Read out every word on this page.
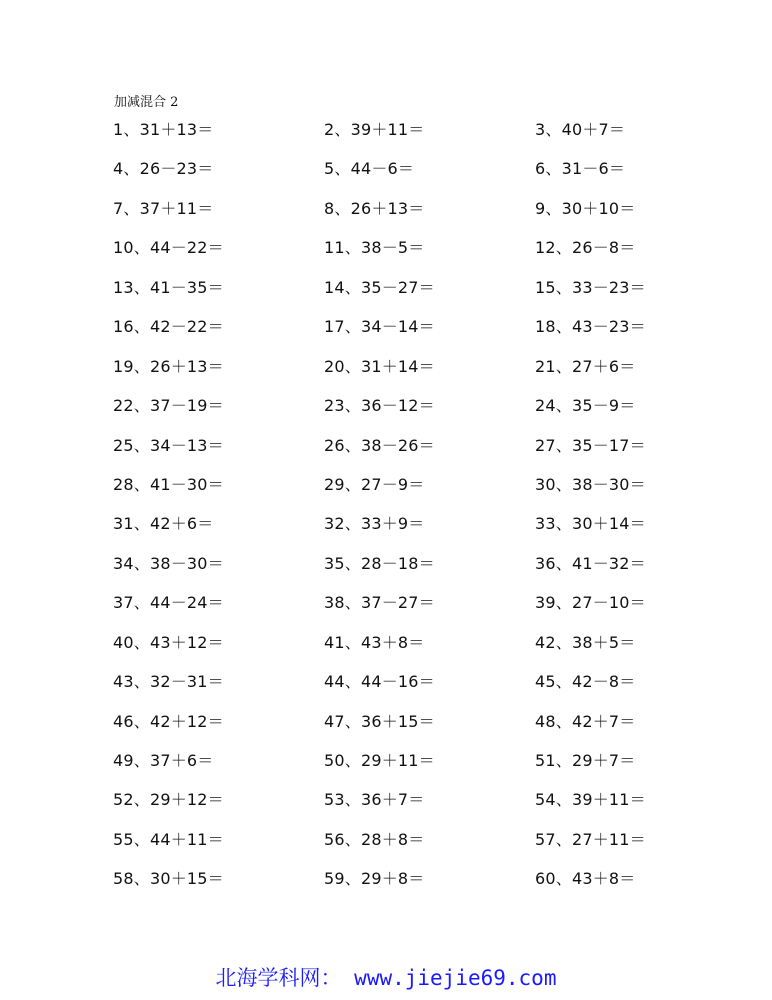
加减混合 2
1、31＋13＝	2、39＋11＝	3、40＋7＝
4、26－23＝	5、44－6＝	6、31－6＝
7、37＋11＝	8、26＋13＝	9、30＋10＝
10、44－22＝	11、38－5＝	12、26－8＝
13、41－35＝	14、35－27＝	15、33－23＝
16、42－22＝	17、34－14＝	18、43－23＝
19、26＋13＝	20、31＋14＝	21、27＋6＝
22、37－19＝	23、36－12＝	24、35－9＝
25、34－13＝	26、38－26＝	27、35－17＝
28、41－30＝	29、27－9＝	30、38－30＝
31、42＋6＝	32、33＋9＝	33、30＋14＝
34、38－30＝	35、28－18＝	36、41－32＝
37、44－24＝	38、37－27＝	39、27－10＝
40、43＋12＝	41、43＋8＝	42、38＋5＝
43、32－31＝	44、44－16＝	45、42－8＝
46、42＋12＝	47、36＋15＝	48、42＋7＝
49、37＋6＝	50、29＋11＝	51、29＋7＝
52、29＋12＝	53、36＋7＝	54、39＋11＝
55、44＋11＝	56、28＋8＝	57、27＋11＝
58、30＋15＝	59、29＋8＝	60、43＋8＝
北海学科网： www.jiejie69.com
